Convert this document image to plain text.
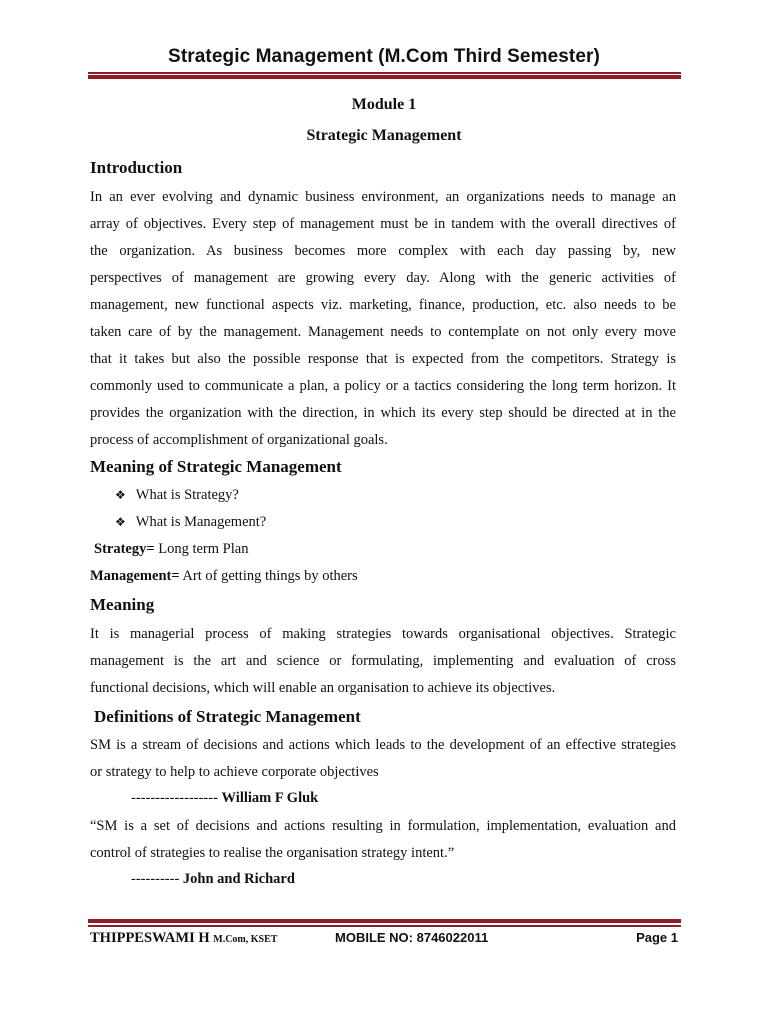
Strategic Management (M.Com Third Semester)
Module 1
Strategic Management
Introduction
In an ever evolving and dynamic business environment, an organizations needs to manage an
array of objectives. Every step of management must be in tandem with the overall directives of
the organization. As business becomes more complex with each day passing by, new
perspectives of management are growing every day. Along with the generic activities of
management, new functional aspects viz. marketing, finance, production, etc. also needs to be
taken care of by the management. Management needs to contemplate on not only every move
that it takes but also the possible response that is expected from the competitors. Strategy is
commonly used to communicate a plan, a policy or a tactics considering the long term horizon. It
provides the organization with the direction, in which its every step should be directed at in the
process of accomplishment of organizational goals.
Meaning of Strategic Management
❖ What is Strategy?
❖ What is Management?
Strategy= Long term Plan
Management= Art of getting things by others
Meaning
It is managerial process of making strategies towards organisational objectives. Strategic
management is the art and science or formulating, implementing and evaluation of cross
functional decisions, which will enable an organisation to achieve its objectives.
Definitions of Strategic Management
SM is a stream of decisions and actions which leads to the development of an effective strategies
or strategy to help to achieve corporate objectives
------------------ William F Gluk
“SM is a set of decisions and actions resulting in formulation, implementation, evaluation and
control of strategies to realise the organisation strategy intent.”
---------- John and Richard
THIPPESWAMI H M.Com, KSET	MOBILE NO: 8746022011	Page 1
